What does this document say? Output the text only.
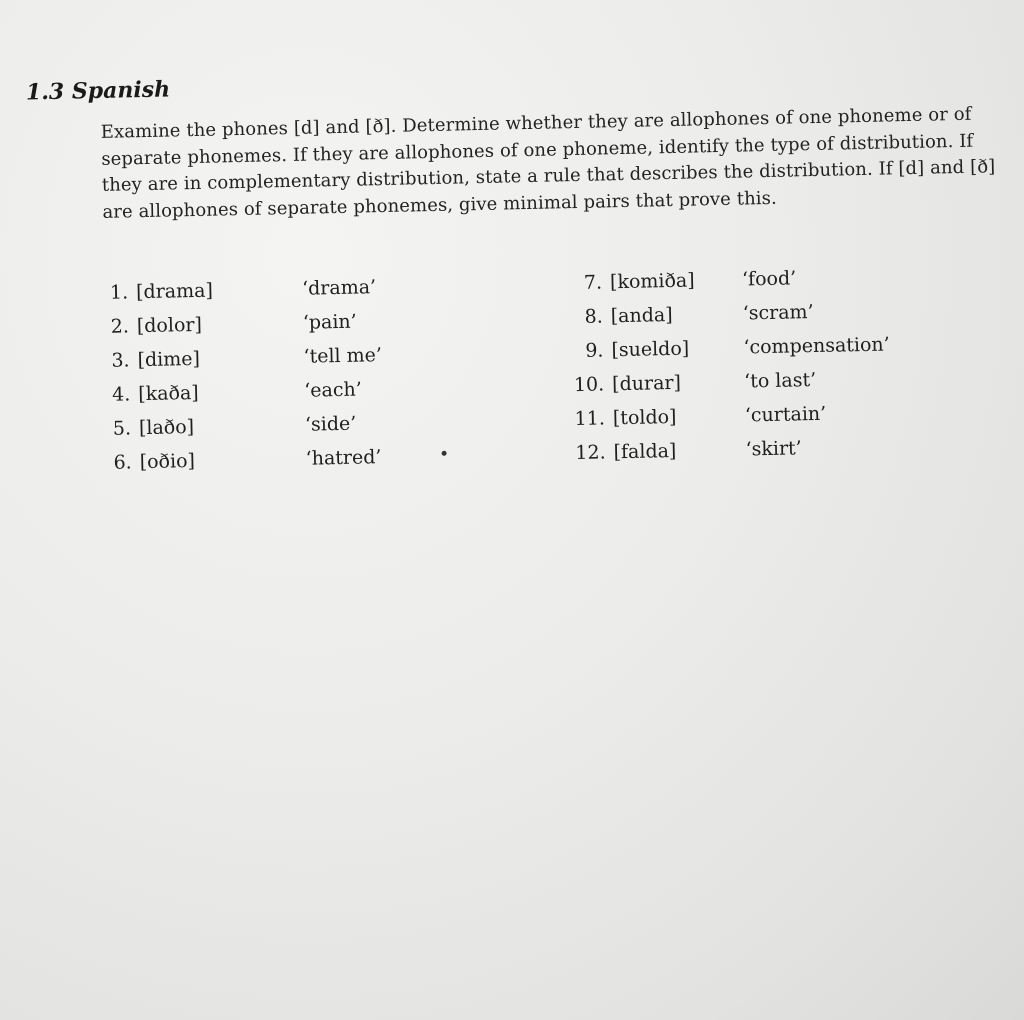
1.3 Spanish

Examine the phones [d] and [ð]. Determine whether they are allophones of one phoneme or of separate phonemes. If they are allophones of one phoneme, identify the type of distribution. If they are in complementary distribution, state a rule that describes the distribution. If [d] and [ð] are allophones of separate phonemes, give minimal pairs that prove this.

1. [drama]	‘drama’
2. [dolor]	‘pain’
3. [dime]	‘tell me’
4. [kaða]	‘each’
5. [laðo]	‘side’
6. [oðio]	‘hatred’
7. [komiða] ‘food’
8. [anda]	‘scram’
9. [sueldo]	‘compensation’
10. [durar]	‘to last’
11. [toldo]	‘curtain’
12. [falda]	‘skirt’
